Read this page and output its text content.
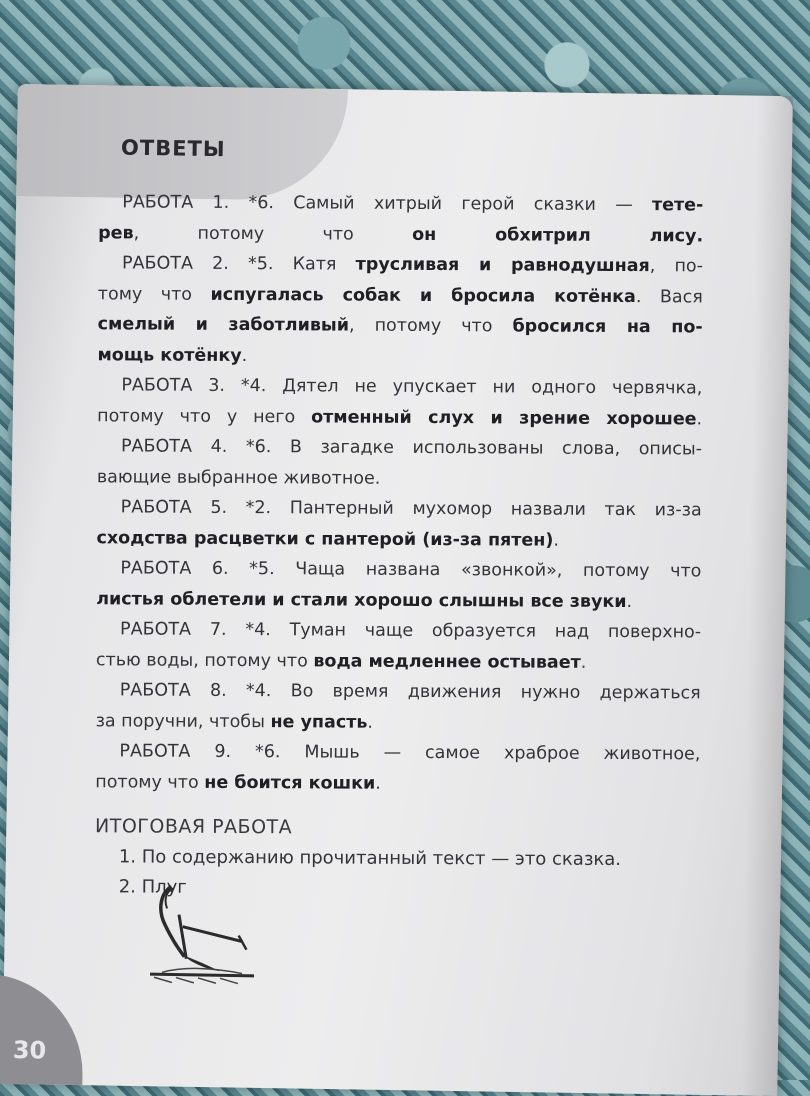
ОТВЕТЫ
РАБОТА 1. *6. Самый хитрый герой сказки — тете-
рев, потому что он обхитрил лису.
РАБОТА 2. *5. Катя трусливая и равнодушная, по-
тому что испугалась собак и бросила котёнка. Вася
смелый и заботливый, потому что бросился на по-
мощь котёнку.
РАБОТА 3. *4. Дятел не упускает ни одного червячка,
потому что у него отменный слух и зрение хорошее.
РАБОТА 4. *6. В загадке использованы слова, описы-
вающие выбранное животное.
РАБОТА 5. *2. Пантерный мухомор назвали так из-за
сходства расцветки с пантерой (из-за пятен).
РАБОТА 6. *5. Чаща названа «звонкой», потому что
листья облетели и стали хорошо слышны все звуки.
РАБОТА 7. *4. Туман чаще образуется над поверхно-
стью воды, потому что вода медленнее остывает.
РАБОТА 8. *4. Во время движения нужно держаться
за поручни, чтобы не упасть.
РАБОТА 9. *6. Мышь — самое храброе животное,
потому что не боится кошки.
ИТОГОВАЯ РАБОТА
1. По содержанию прочитанный текст — это сказка.
2. Плуг
30
